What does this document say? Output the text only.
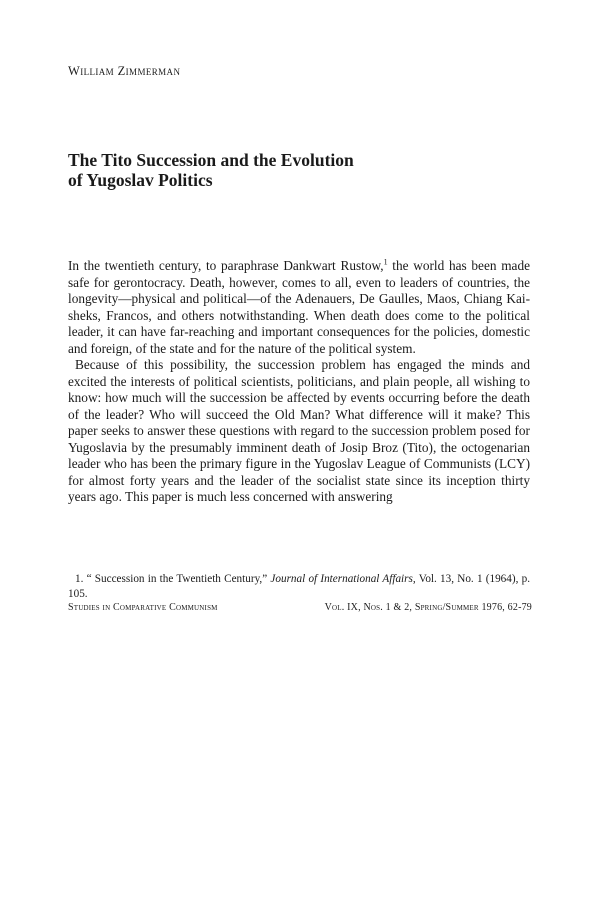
William Zimmerman
The Tito Succession and the Evolution
of Yugoslav Politics

In the twentieth century, to paraphrase Dankwart Rustow,$^1$ the world has been made safe for gerontocracy. Death, however, comes to all, even to leaders of countries, the longevity—physical and political—of the Adenauers, De Gaulles, Maos, Chiang Kai-sheks, Francos, and others notwithstanding. When death does come to the political leader, it can have far-reaching and important consequences for the policies, domestic and foreign, of the state and for the nature of the political system.

Because of this possibility, the succession problem has engaged the minds and excited the interests of political scientists, politicians, and plain people, all wishing to know: how much will the succession be affected by events occurring before the death of the leader? Who will succeed the Old Man? What difference will it make? This paper seeks to answer these questions with regard to the succession problem posed for Yugoslavia by the presumably imminent death of Josip Broz (Tito), the octogenarian leader who has been the primary figure in the Yugoslav League of Communists (LCY) for almost forty years and the leader of the socialist state since its inception thirty years ago. This paper is much less concerned with answering

1. “ Succession in the Twentieth Century,” Journal of International Affairs, Vol. 13, No. 1 (1964), p. 105.

Studies in Comparative Communism	Vol. IX, Nos. 1 & 2, Spring/Summer 1976, 62-79
